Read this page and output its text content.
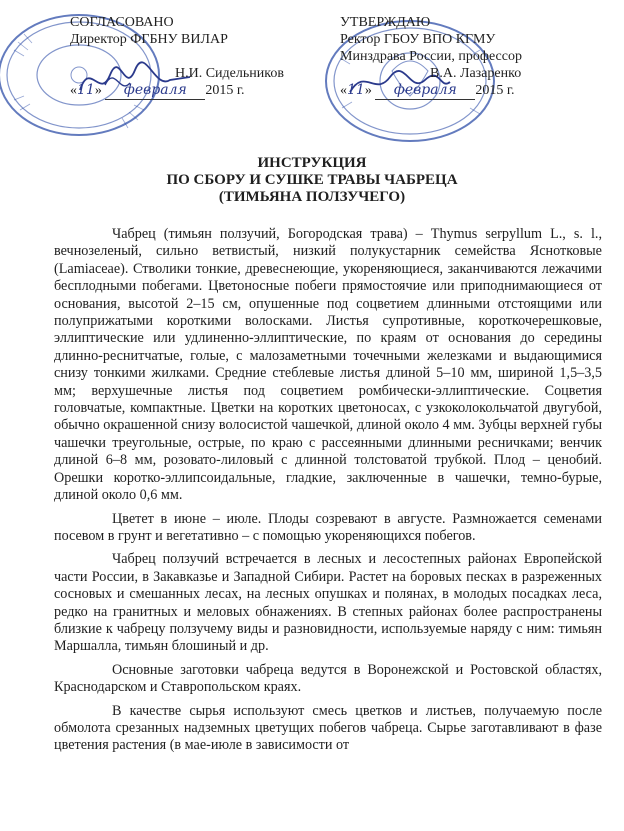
СОГЛАСОВАНО
Директор ФГБНУ ВИЛАР

Н.И. Сидельников
«11» февраля 2015 г.
УТВЕРЖДАЮ
Ректор ГБОУ ВПО КГМУ
Минздрава России, профессор
В.А. Лазаренко
«11» февраля 2015 г.
ИНСТРУКЦИЯ
ПО СБОРУ И СУШКЕ ТРАВЫ ЧАБРЕЦА
(ТИМЬЯНА ПОЛЗУЧЕГО)

Чабрец (тимьян ползучий, Богородская трава) – Thymus serpyllum L., s. l., вечнозеленый, сильно ветвистый, низкий полукустарник семейства Яснотковые (Lamiaceae). Стволики тонкие, древеснеющие, укореняющиеся, заканчиваются лежачими бесплодными побегами. Цветоносные побеги прямостоячие или приподнимающиеся от основания, высотой 2–15 см, опушенные под соцветием длинными отстоящими или полуприжатыми короткими волосками. Листья супротивные, короткочерешковые, эллиптические или удлиненно-эллиптические, по краям от основания до середины длинно-реснитчатые, голые, с малозаметными точечными железками и выдающимися снизу тонкими жилками. Средние стеблевые листья длиной 5–10 мм, шириной 1,5–3,5 мм; верхушечные листья под соцветием ромбически-эллиптические. Соцветия головчатые, компактные. Цветки на коротких цветоносах, с узкоколокольчатой двугубой, обычно окрашенной снизу волосистой чашечкой, длиной около 4 мм. Зубцы верхней губы чашечки треугольные, острые, по краю с рассеянными длинными ресничками; венчик длиной 6–8 мм, розовато-лиловый с длинной толстоватой трубкой. Плод – ценобий. Орешки коротко-эллипсоидальные, гладкие, заключенные в чашечки, темно-бурые, длиной около 0,6 мм.

Цветет в июне – июле. Плоды созревают в августе. Размножается семенами посевом в грунт и вегетативно – с помощью укореняющихся побегов.

Чабрец ползучий встречается в лесных и лесостепных районах Европейской части России, в Закавказье и Западной Сибири. Растет на боровых песках в разреженных сосновых и смешанных лесах, на лесных опушках и полянах, в молодых посадках леса, редко на гранитных и меловых обнажениях. В степных районах более распространены близкие к чабрецу ползучему виды и разновидности, используемые наряду с ним: тимьян Маршалла, тимьян блошиный и др.

Основные заготовки чабреца ведутся в Воронежской и Ростовской областях, Краснодарском и Ставропольском краях.

В качестве сырья используют смесь цветков и листьев, получаемую после обмолота срезанных надземных цветущих побегов чабреца. Сырье заготавливают в фазе цветения растения (в мае-июле в зависимости от
